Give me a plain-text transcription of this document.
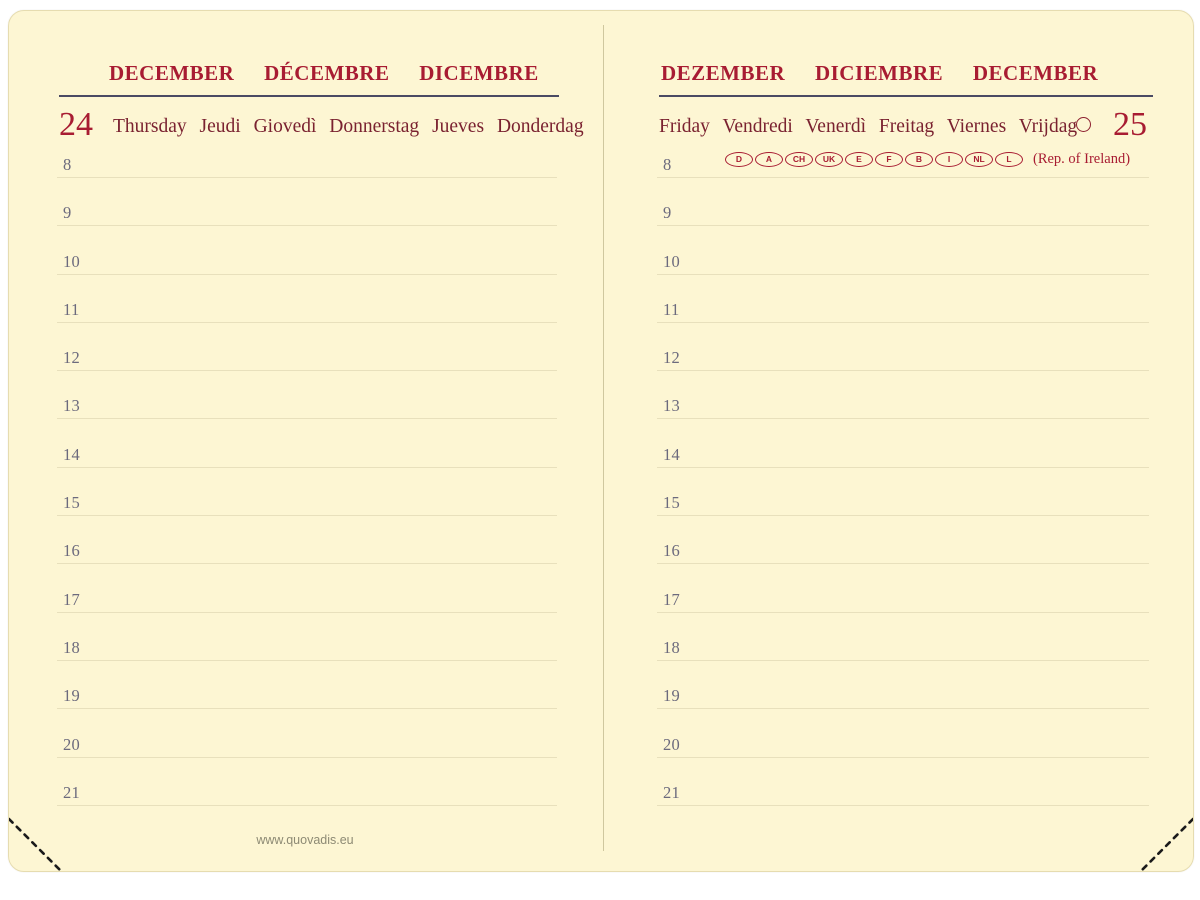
DECEMBER DÉCEMBRE DICEMBRE
24 Thursday Jeudi Giovedì Donnerstag Jueves Donderdag
8
9
10
11
12
13
14
15
16
17
18
19
20
21
www.quovadis.eu
DEZEMBER DICIEMBRE DECEMBER
Friday Vendredi Venerdì Freitag Viernes Vrijdag 25
8	D	A	CH	UK	E	F	B	I	NL	L	(Rep. of Ireland)
9
10
11
12
13
14
15
16
17
18
19
20
21
